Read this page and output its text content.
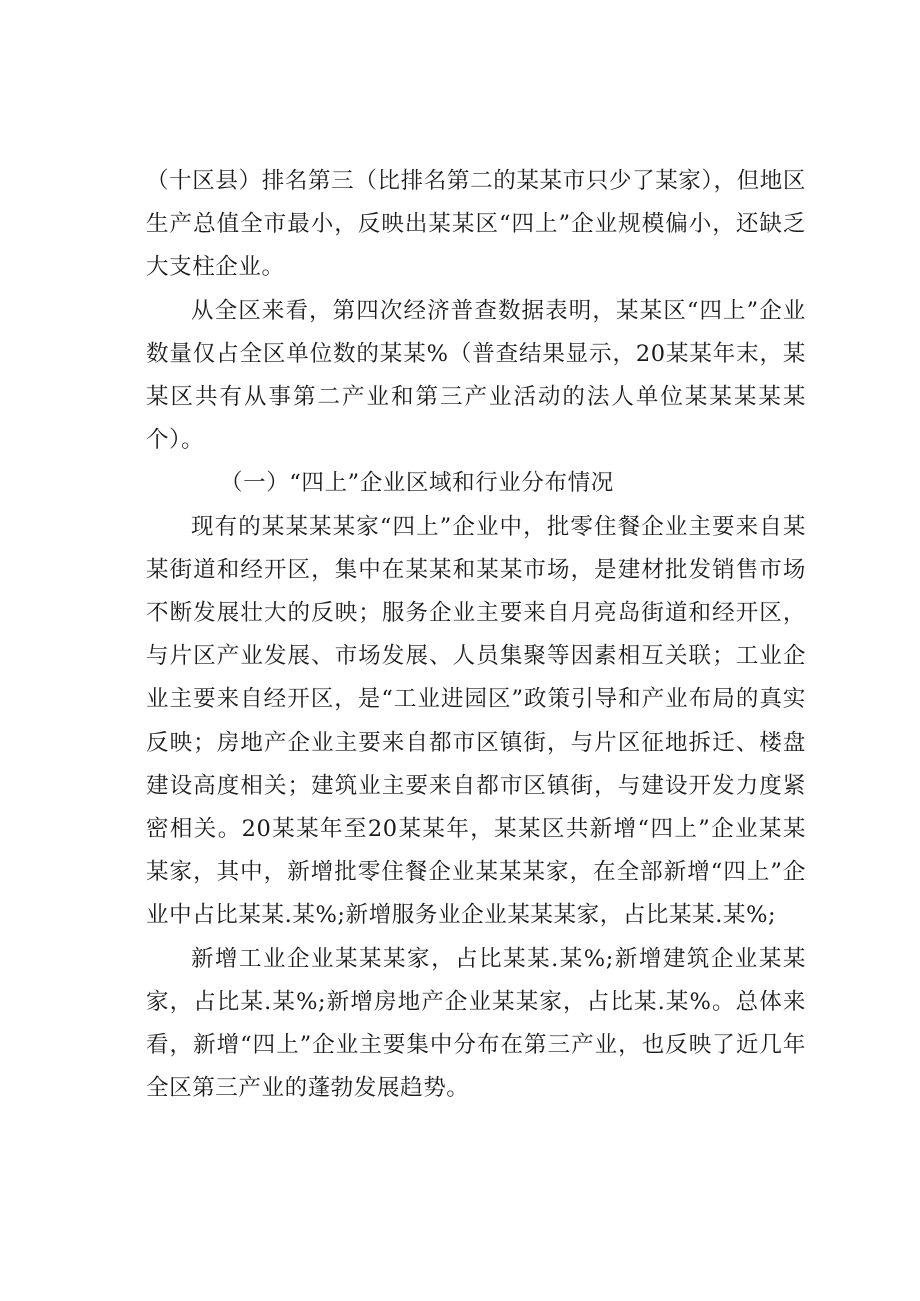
（十区县）排名第三（比排名第二的某某市只少了某家），但地区生产总值全市最小，反映出某某区“四上”企业规模偏小，还缺乏大支柱企业。

从全区来看，第四次经济普查数据表明，某某区“四上”企业数量仅占全区单位数的某某%（普查结果显示，20某某年末，某某区共有从事第二产业和第三产业活动的法人单位某某某某某个）。

（一）“四上”企业区域和行业分布情况

现有的某某某某家“四上”企业中，批零住餐企业主要来自某某街道和经开区，集中在某某和某某市场，是建材批发销售市场不断发展壮大的反映；服务企业主要来自月亮岛街道和经开区，与片区产业发展、市场发展、人员集聚等因素相互关联；工业企业主要来自经开区，是“工业进园区”政策引导和产业布局的真实反映；房地产企业主要来自都市区镇街，与片区征地拆迁、楼盘建设高度相关；建筑业主要来自都市区镇街，与建设开发力度紧密相关。20某某年至20某某年，某某区共新增“四上”企业某某某家，其中，新增批零住餐企业某某某家，在全部新增“四上”企业中占比某某.某%;新增服务业企业某某某家，占比某某.某%;

新增工业企业某某某家，占比某某.某%;新增建筑企业某某家，占比某.某%;新增房地产企业某某家，占比某.某%。总体来看，新增“四上”企业主要集中分布在第三产业，也反映了近几年全区第三产业的蓬勃发展趋势。
